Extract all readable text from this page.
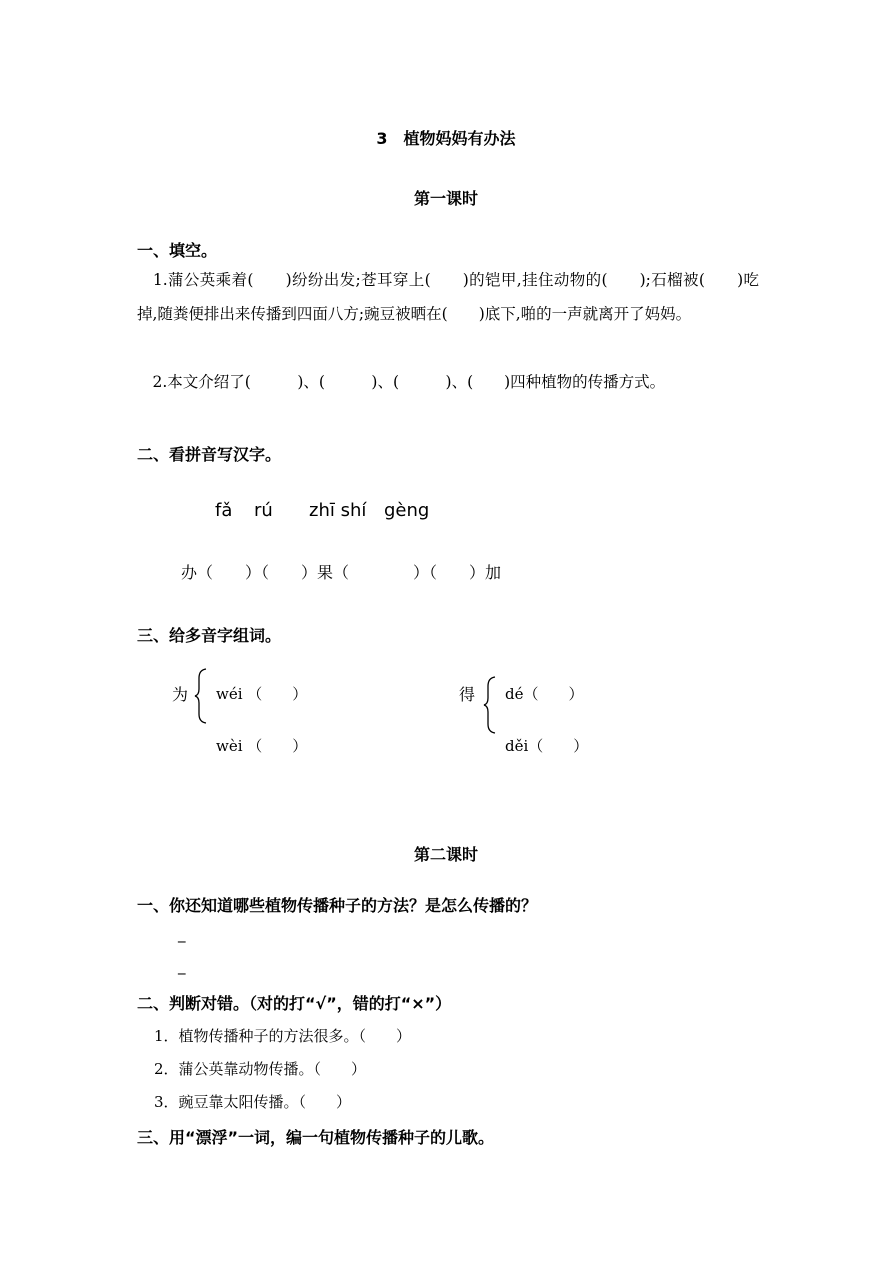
3　植物妈妈有办法
第一课时
一、填空。
　1.蒲公英乘着(　　)纷纷出发;苍耳穿上(　　)的铠甲,挂住动物的(　　);石榴被(　　)吃掉,随粪便排出来传播到四面八方;豌豆被晒在(　　)底下,啪的一声就离开了妈妈。
　2.本文介绍了(　　　)、(　　　)、(　　　)、(　　)四种植物的传播方式。
二、看拼音写汉字。
fǎ rú zhī shí gèng
办（　　）（　　）果（　　　　）（　　）加
三、给多音字组词。
为 wéi （　　）
wèi （　　）
得 dé（　　）
děi（　　）
第二课时
一、你还知道哪些植物传播种子的方法？是怎么传播的？
_
_
二、判断对错。（对的打“√”，错的打“×”）
1．植物传播种子的方法很多。（　　）
2．蒲公英靠动物传播。（　　）
3．豌豆靠太阳传播。（　　）
三、用“漂浮”一词，编一句植物传播种子的儿歌。
